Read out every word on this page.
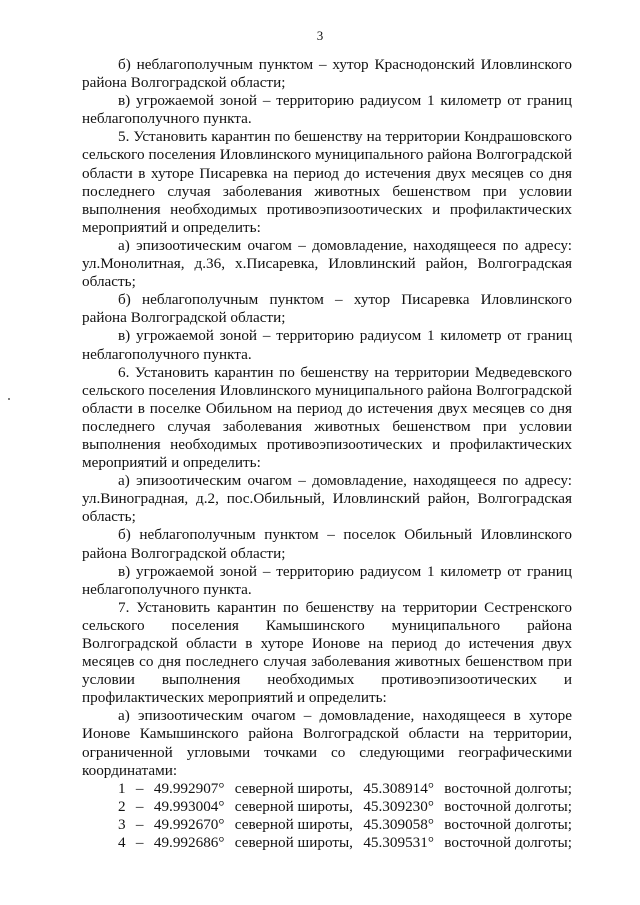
3

б) неблагополучным пунктом – хутор Краснодонский Иловлинского района Волгоградской области;

в) угрожаемой зоной – территорию радиусом 1 километр от границ неблагополучного пункта.

5. Установить карантин по бешенству на территории Кондрашовского сельского поселения Иловлинского муниципального района Волгоградской области в хуторе Писаревка на период до истечения двух месяцев со дня последнего случая заболевания животных бешенством при условии выполнения необходимых противоэпизоотических и профилактических мероприятий и определить:

а) эпизоотическим очагом – домовладение, находящееся по адресу: ул.Монолитная, д.36, х.Писаревка, Иловлинский район, Волгоградская область;

б) неблагополучным пунктом – хутор Писаревка Иловлинского района Волгоградской области;

в) угрожаемой зоной – территорию радиусом 1 километр от границ неблагополучного пункта.

6. Установить карантин по бешенству на территории Медведевского сельского поселения Иловлинского муниципального района Волгоградской области в поселке Обильном на период до истечения двух месяцев со дня последнего случая заболевания животных бешенством при условии выполнения необходимых противоэпизоотических и профилактических мероприятий и определить:

а) эпизоотическим очагом – домовладение, находящееся по адресу: ул.Виноградная, д.2, пос.Обильный, Иловлинский район, Волгоградская область;

б) неблагополучным пунктом – поселок Обильный Иловлинского района Волгоградской области;

в) угрожаемой зоной – территорию радиусом 1 километр от границ неблагополучного пункта.

7. Установить карантин по бешенству на территории Сестренского сельского поселения Камышинского муниципального района Волгоградской области в хуторе Ионове на период до истечения двух месяцев со дня последнего случая заболевания животных бешенством при условии выполнения необходимых противоэпизоотических и профилактических мероприятий и определить:

а) эпизоотическим очагом – домовладение, находящееся в хуторе Ионове Камышинского района Волгоградской области на территории, ограниченной угловыми точками со следующими географическими координатами:

1 – 49.992907° северной широты, 45.308914° восточной долготы;
2 – 49.993004° северной широты, 45.309230° восточной долготы;
3 – 49.992670° северной широты, 45.309058° восточной долготы;
4 – 49.992686° северной широты, 45.309531° восточной долготы;
